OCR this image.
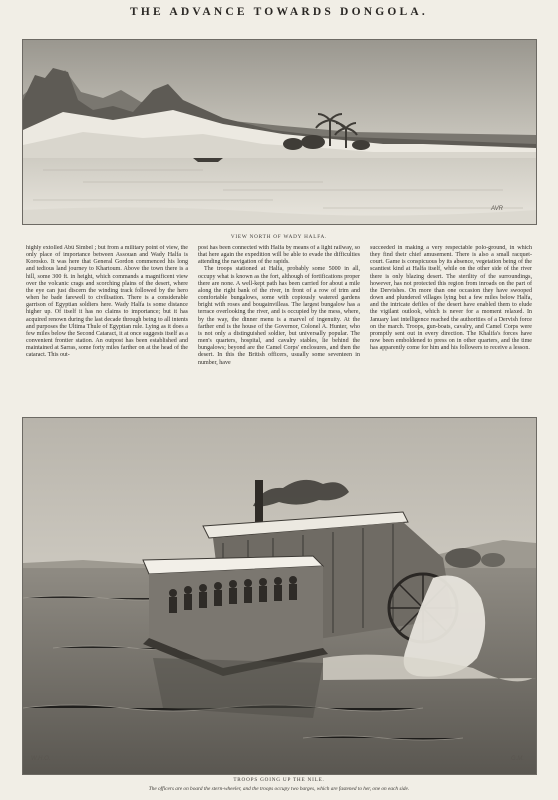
THE ADVANCE TOWARDS DONGOLA.
AVR
VIEW NORTH OF WADY HALFA.

highly extolled Abû Simbel ; but from a military point of view, the only place of importance between Assouan and Wady Halfa is Korosko. It was here that General Gordon commenced his long and tedious land journey to Khartoum. Above the town there is a hill, some 300 ft. in height, which commands a magnificent view over the volcanic crags and scorching plains of the desert, where the eye can just discern the winding track followed by the hero when he bade farewell to civilisation. There is a considerable garrison of Egyptian soldiers here. Wady Halfa is some distance higher up. Of itself it has no claims to importance; but it has acquired renown during the last decade through being to all intents and purposes the Ultima Thule of Egyptian rule. Lying as it does a few miles below the Second Cataract, it at once suggests itself as a convenient frontier station. An outpost has been established and maintained at Sarras, some forty miles farther on at the head of the cataract. This out-

post has been connected with Halfa by means of a light railway, so that here again the expedition will be able to evade the difficulties attending the navigation of the rapids.

The troops stationed at Halfa, probably some 5000 in all, occupy what is known as the fort, although of fortifications proper there are none. A well-kept path has been carried for about a mile along the right bank of the river, in front of a row of trim and comfortable bungalows, some with copiously watered gardens bright with roses and bougainvilleas. The largest bungalow has a terrace overlooking the river, and is occupied by the mess, where, by the way, the dinner menu is a marvel of ingenuity. At the farther end is the house of the Governor, Colonel A. Hunter, who is not only a distinguished soldier, but universally popular. The men's quarters, hospital, and cavalry stables, lie behind the bungalows; beyond are the Camel Corps' enclosures, and then the desert. In this the British officers, usually some seventeen in number, have

succeeded in making a very respectable polo-ground, in which they find their chief amusement. There is also a small racquet-court. Game is conspicuous by its absence, vegetation being of the scantiest kind at Halfa itself, while on the other side of the river there is only blazing desert. The sterility of the surroundings, however, has not protected this region from inroads on the part of the Dervishes. On more than one occasion they have swooped down and plundered villages lying but a few miles below Halfa, and the intricate defiles of the desert have enabled them to elude the vigilant outlook, which is never for a moment relaxed. In January last intelligence reached the authorities of a Dervish force on the march. Troops, gun-boats, cavalry, and Camel Corps were promptly sent out in every direction. The Khalifa's forces have now been emboldened to press on in other quarters, and the time has apparently come for him and his followers to receive a lesson.

W.H.O.	G.M.
TROOPS GOING UP THE NILE.
The officers are on board the stern-wheeler, and the troops occupy two barges, which are fastened to her, one on each side.
